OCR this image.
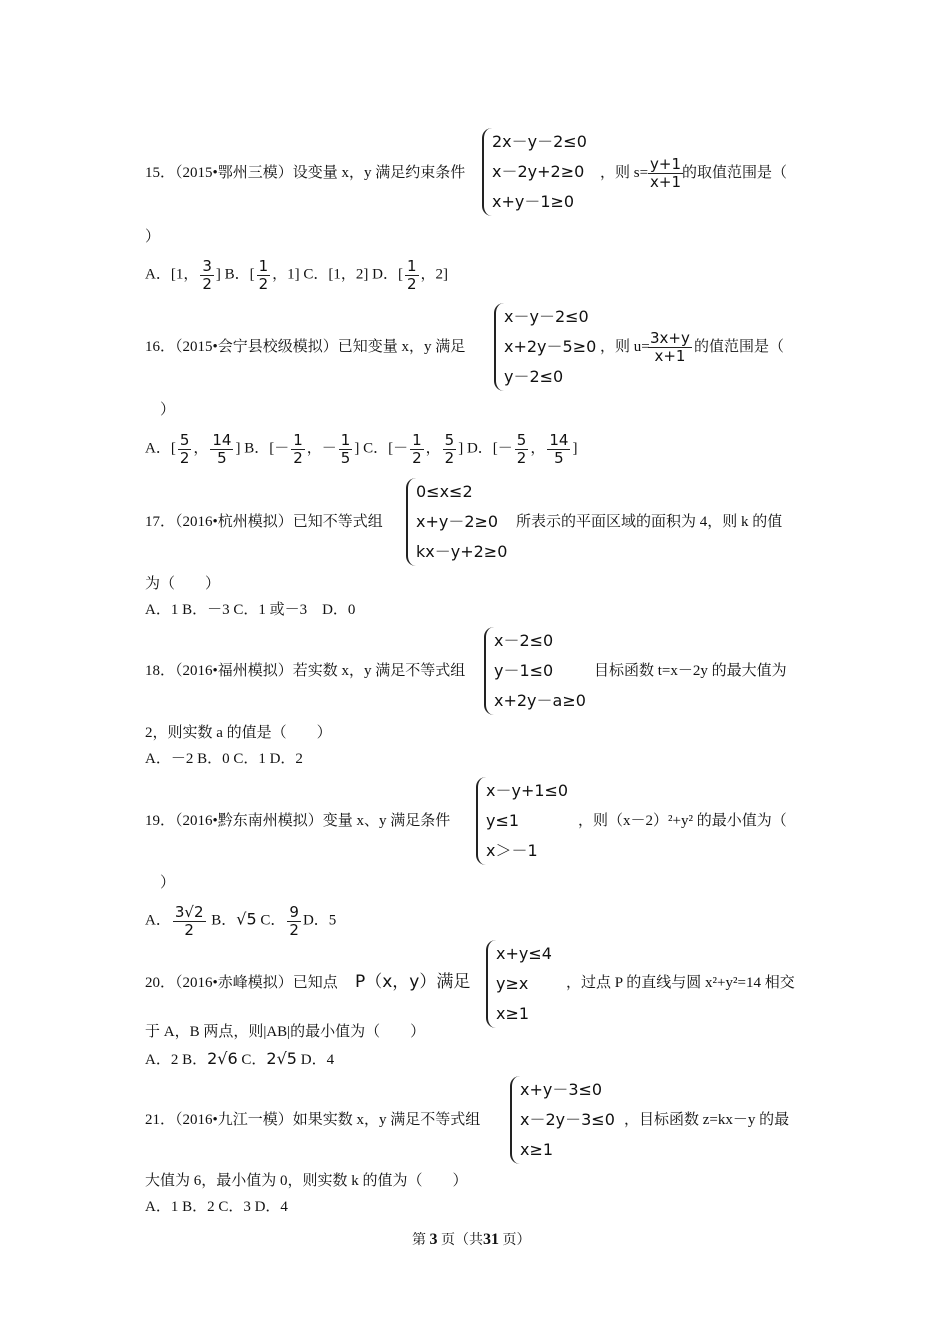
15．（2015•鄂州三模）设变量 x，y 满足约束条件
2x－y－2≤0
x－2y+2≥0
x+y－1≥0
，则 $s= \frac{y+1}{x+1}$ 的取值范围是（
）
A．[1， $\frac{3}{2}$ ] B．[ $\frac{1}{2}$ ，1] C．[1，2] D．[ $\frac{1}{2}$ ，2]
16．（2015•会宁县校级模拟）已知变量 x，y 满足
x－y－2≤0
x+2y－5≥0
y－2≤0
，则 u=
$\frac{3x+y}{x+1}$ 的值范围是（
）
A．[ $\frac{5}{2}$ ， $\frac{14}{5}$ ] B．[－ $\frac{1}{2}$ ，－ $\frac{1}{5}$ ] C．[－ $\frac{1}{2}$ ， $\frac{5}{2}$ ] D．[－ $\frac{5}{2}$ ， $\frac{14}{5}$ ]
17．（2016•杭州模拟）已知不等式组
0≤x≤2
x+y－2≥0
kx－y+2≥0
所表示的平面区域的面积为 4，则 k 的值
为（　　）
A．1 B．－3 C．1 或－3　D．0
18．（2016•福州模拟）若实数 x，y 满足不等式组
x－2≤0
y－1≤0
x+2y－a≥0
目标函数 t=x－2y 的最大值为
2，则实数 a 的值是（　　）
A．－2 B．0 C．1 D．2
19．（2016•黔东南州模拟）变量 x、y 满足条件
x－y+1≤0
y≤1
x＞－1
，则（x－2）²+y² 的最小值为（
）
A． $\frac{3√2}{2}$ B．√5 C． $\frac{9}{2}$ D．5
20．（2016•赤峰模拟）已知点 P（x，y）满足
x+y≤4
y≥x
x≥1
，过点 P 的直线与圆 x²+y²=14 相交
于 A，B 两点，则|AB|的最小值为（　　）
A．2 B．2√6 C．2√5 D．4
21．（2016•九江一模）如果实数 x，y 满足不等式组
x+y－3≤0
x－2y－3≤0
x≥1
，目标函数 z=kx－y 的最
大值为 6，最小值为 0，则实数 k 的值为（　　）
A．1 B．2 C．3 D．4
第 3 页（共31 页）
